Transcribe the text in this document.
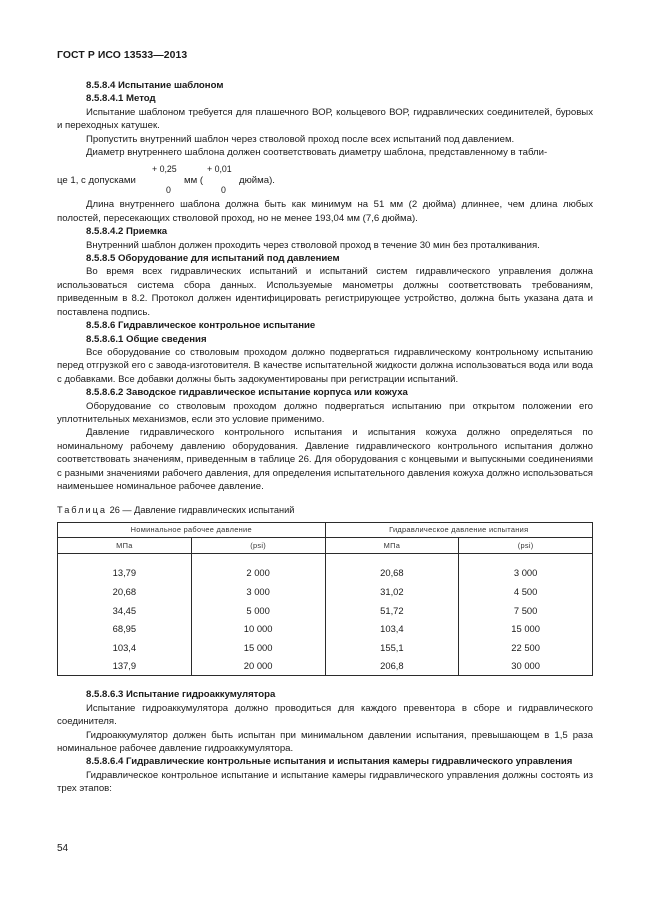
ГОСТ Р ИСО 13533—2013

8.5.8.4 Испытание шаблоном

8.5.8.4.1 Метод

Испытание шаблоном требуется для плашечного ВОР, кольцевого ВОР, гидравлических соединителей, буровых и переходных катушек.

Пропустить внутренний шаблон через стволовой проход после всех испытаний под давлением.

Диаметр внутреннего шаблона должен соответствовать диаметру шаблона, представленному в табли-

це 1, с допусками
+ 0,25
0
мм (
+ 0,01
0
дюйма).

Длина внутреннего шаблона должна быть как минимум на 51 мм (2 дюйма) длиннее, чем длина любых полостей, пересекающих стволовой проход, но не менее 193,04 мм (7,6 дюйма).

8.5.8.4.2 Приемка

Внутренний шаблон должен проходить через стволовой проход в течение 30 мин без проталкивания.

8.5.8.5 Оборудование для испытаний под давлением

Во время всех гидравлических испытаний и испытаний систем гидравлического управления должна использоваться система сбора данных. Используемые манометры должны соответствовать требованиям, приведенным в 8.2. Протокол должен идентифицировать регистрирующее устройство, должна быть указана дата и поставлена подпись.

8.5.8.6 Гидравлическое контрольное испытание

8.5.8.6.1 Общие сведения

Все оборудование со стволовым проходом должно подвергаться гидравлическому контрольному испытанию перед отгрузкой его с завода-изготовителя. В качестве испытательной жидкости должна использоваться вода или вода с добавками. Все добавки должны быть задокументированы при регистрации испытаний.

8.5.8.6.2 Заводское гидравлическое испытание корпуса или кожуха

Оборудование со стволовым проходом должно подвергаться испытанию при открытом положении его уплотнительных механизмов, если это условие применимо.

Давление гидравлического контрольного испытания и испытания кожуха должно определяться по номинальному рабочему давлению оборудования. Давление гидравлического контрольного испытания должно соответствовать значениям, приведенным в таблице 26. Для оборудования с концевыми и выпускными соединениями с разными значениями рабочего давления, для определения испытательного давления кожуха должно использоваться наименьшее номинальное рабочее давление.

Таблица 26 — Давление гидравлических испытаний

Номинальное рабочее давление		Гидравлическое давление испытания	
МПа	(psi)	МПа	(psi)

13,79	2 000	20,68	3 000
20,68	3 000	31,02	4 500
34,45	5 000	51,72	7 500
68,95	10 000	103,4	15 000
103,4	15 000	155,1	22 500
137,9	20 000	206,8	30 000

8.5.8.6.3 Испытание гидроаккумулятора

Испытание гидроаккумулятора должно проводиться для каждого превентора в сборе и гидравлического соединителя.

Гидроаккумулятор должен быть испытан при минимальном давлении испытания, превышающем в 1,5 раза номинальное рабочее давление гидроаккумулятора.

8.5.8.6.4 Гидравлические контрольные испытания и испытания камеры гидравлического управления

Гидравлическое контрольное испытание и испытание камеры гидравлического управления должны состоять из трех этапов:

54
